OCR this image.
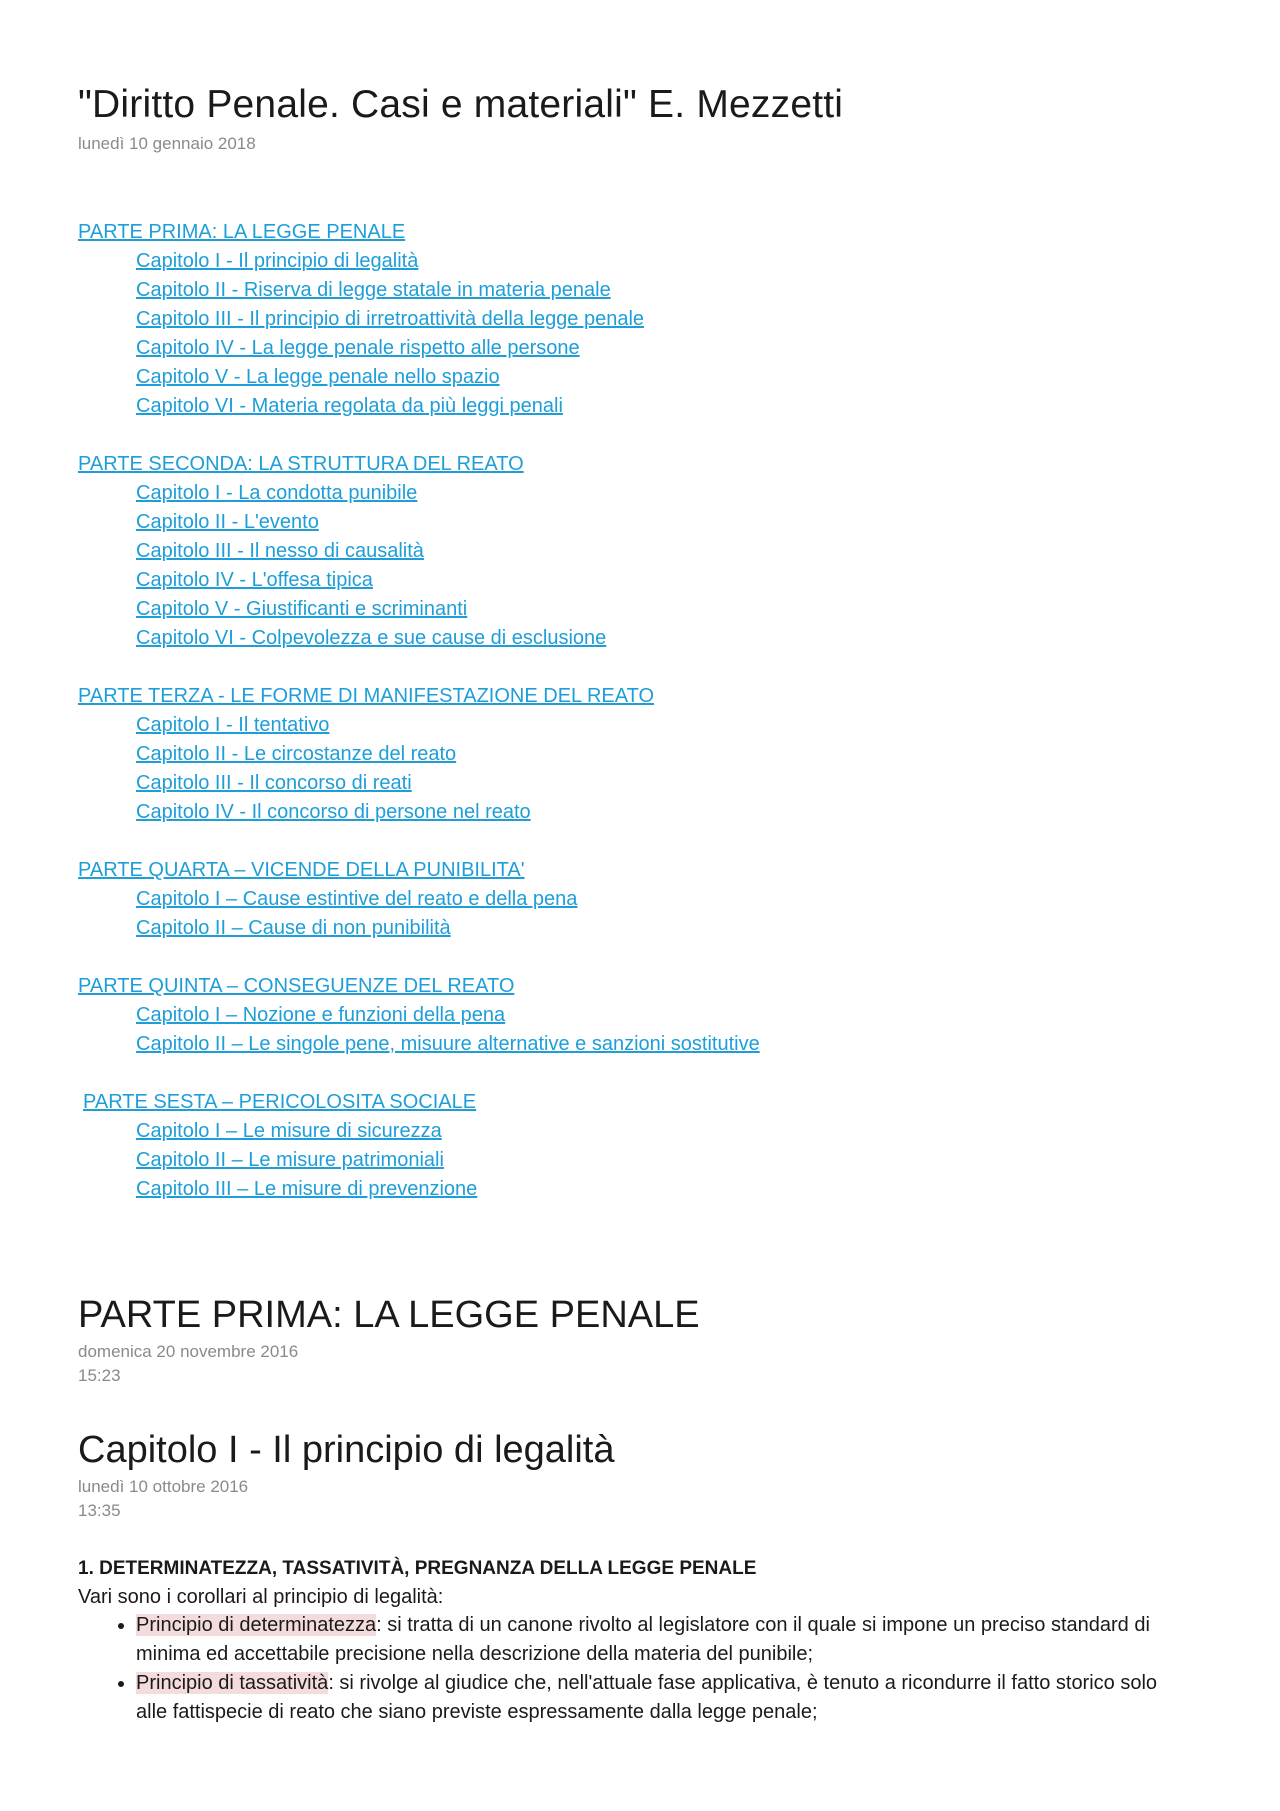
"Diritto Penale. Casi e materiali" E. Mezzetti
lunedì 10 gennaio 2018
PARTE PRIMA: LA LEGGE PENALE
Capitolo I - Il principio di legalità
Capitolo II - Riserva di legge statale in materia penale
Capitolo III - Il principio di irretroattività della legge penale
Capitolo IV - La legge penale rispetto alle persone
Capitolo V - La legge penale nello spazio
Capitolo VI - Materia regolata da più leggi penali
PARTE SECONDA: LA STRUTTURA DEL REATO
Capitolo I - La condotta punibile
Capitolo II - L'evento
Capitolo III - Il nesso di causalità
Capitolo IV - L'offesa tipica
Capitolo V - Giustificanti e scriminanti
Capitolo VI - Colpevolezza e sue cause di esclusione
PARTE TERZA - LE FORME DI MANIFESTAZIONE DEL REATO
Capitolo I - Il tentativo
Capitolo II - Le circostanze del reato
Capitolo III - Il concorso di reati
Capitolo IV - Il concorso di persone nel reato
PARTE QUARTA – VICENDE DELLA PUNIBILITA'
Capitolo I – Cause estintive del reato e della pena
Capitolo II – Cause di non punibilità
PARTE QUINTA – CONSEGUENZE DEL REATO
Capitolo I – Nozione e funzioni della pena
Capitolo II – Le singole pene, misuure alternative e sanzioni sostitutive
PARTE SESTA – PERICOLOSITA SOCIALE
Capitolo I – Le misure di sicurezza
Capitolo II – Le misure patrimoniali
Capitolo III – Le misure di prevenzione
PARTE PRIMA: LA LEGGE PENALE
domenica 20 novembre 2016
15:23
Capitolo I - Il principio di legalità
lunedì 10 ottobre 2016
13:35
1. DETERMINATEZZA, TASSATIVITÀ, PREGNANZA DELLA LEGGE PENALE

Vari sono i corollari al principio di legalità:

• Principio di determinatezza: si tratta di un canone rivolto al legislatore con il quale si impone un preciso standard di minima ed accettabile precisione nella descrizione della materia del punibile;
• Principio di tassatività: si rivolge al giudice che, nell'attuale fase applicativa, è tenuto a ricondurre il fatto storico solo alle fattispecie di reato che siano previste espressamente dalla legge penale;
